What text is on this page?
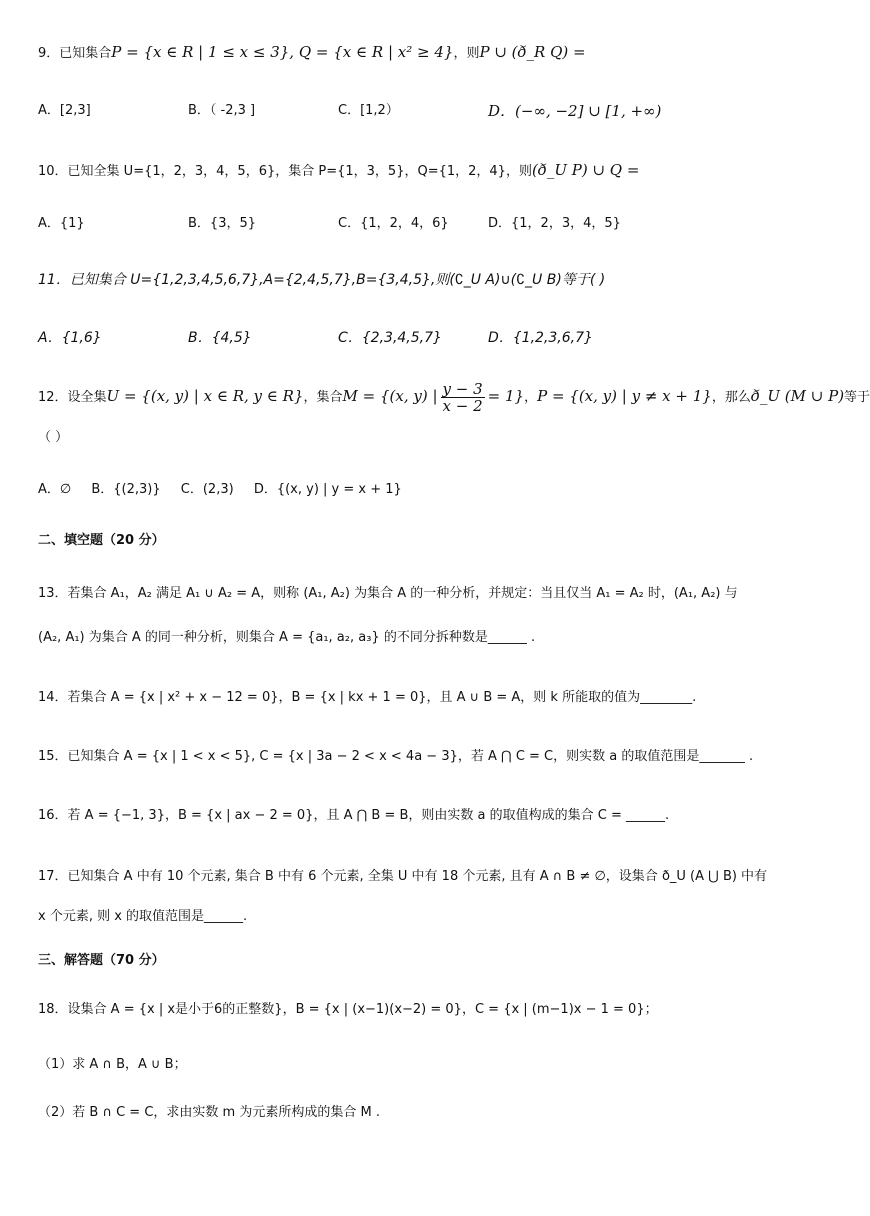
9．已知集合P = {x ∈ R | 1 ≤ x ≤ 3}, Q = {x ∈ R | x² ≥ 4}，则P ∪ (ð_R Q) =
A．[2,3]	B．（ -2,3 ]	C．[1,2）	D．(−∞, −2] ∪ [1, +∞)
10．已知全集 U={1，2，3，4，5，6}，集合 P={1，3，5}，Q={1，2，4}，则(ð_U P) ∪ Q =
A．{1}	B．{3，5}	C．{1，2，4，6}	D．{1，2，3，4，5}
11．已知集合 U={1,2,3,4,5,6,7},A={2,4,5,7},B={3,4,5},则(∁_U A)∪(∁_U B)等于( )
A．{1,6}	B．{4,5}	C．{2,3,4,5,7}	D．{1,2,3,6,7}
12．设全集U = {(x, y) | x ∈ R, y ∈ R}，集合M = {(x, y) | $\frac{y - 3}{x - 2} = 1$}，P = {(x, y) | y ≠ x + 1}，那么ð_U (M ∪ P)等于
（ ）
A．∅ B．{(2,3)} C．(2,3) D．{(x, y) | y = x + 1}
二、填空题（20 分）
13．若集合 A₁，A₂ 满足 A₁ ∪ A₂ = A，则称 (A₁, A₂) 为集合 A 的一种分析，并规定：当且仅当 A₁ = A₂ 时，(A₁, A₂) 与
(A₂, A₁) 为集合 A 的同一种分析，则集合 A = {a₁, a₂, a₃} 的不同分拆种数是______ .
14．若集合 A = {x | x² + x − 12 = 0}，B = {x | kx + 1 = 0}，且 A ∪ B = A，则 k 所能取的值为________.
15．已知集合 A = {x | 1 < x < 5}, C = {x | 3a − 2 < x < 4a − 3}，若 A ⋂ C = C，则实数 a 的取值范围是_______ .
16．若 A = {−1, 3}，B = {x | ax − 2 = 0}，且 A ⋂ B = B，则由实数 a 的取值构成的集合 C = ______.
17．已知集合 A 中有 10 个元素, 集合 B 中有 6 个元素, 全集 U 中有 18 个元素, 且有 A ∩ B ≠ ∅，设集合 ð_U (A ⋃ B) 中有
x 个元素, 则 x 的取值范围是______.
三、解答题（70 分）
18．设集合 A = {x | x是小于6的正整数}，B = {x | (x−1)(x−2) = 0}，C = {x | (m−1)x − 1 = 0}；
（1）求 A ∩ B，A ∪ B；
（2）若 B ∩ C = C，求由实数 m 为元素所构成的集合 M .
